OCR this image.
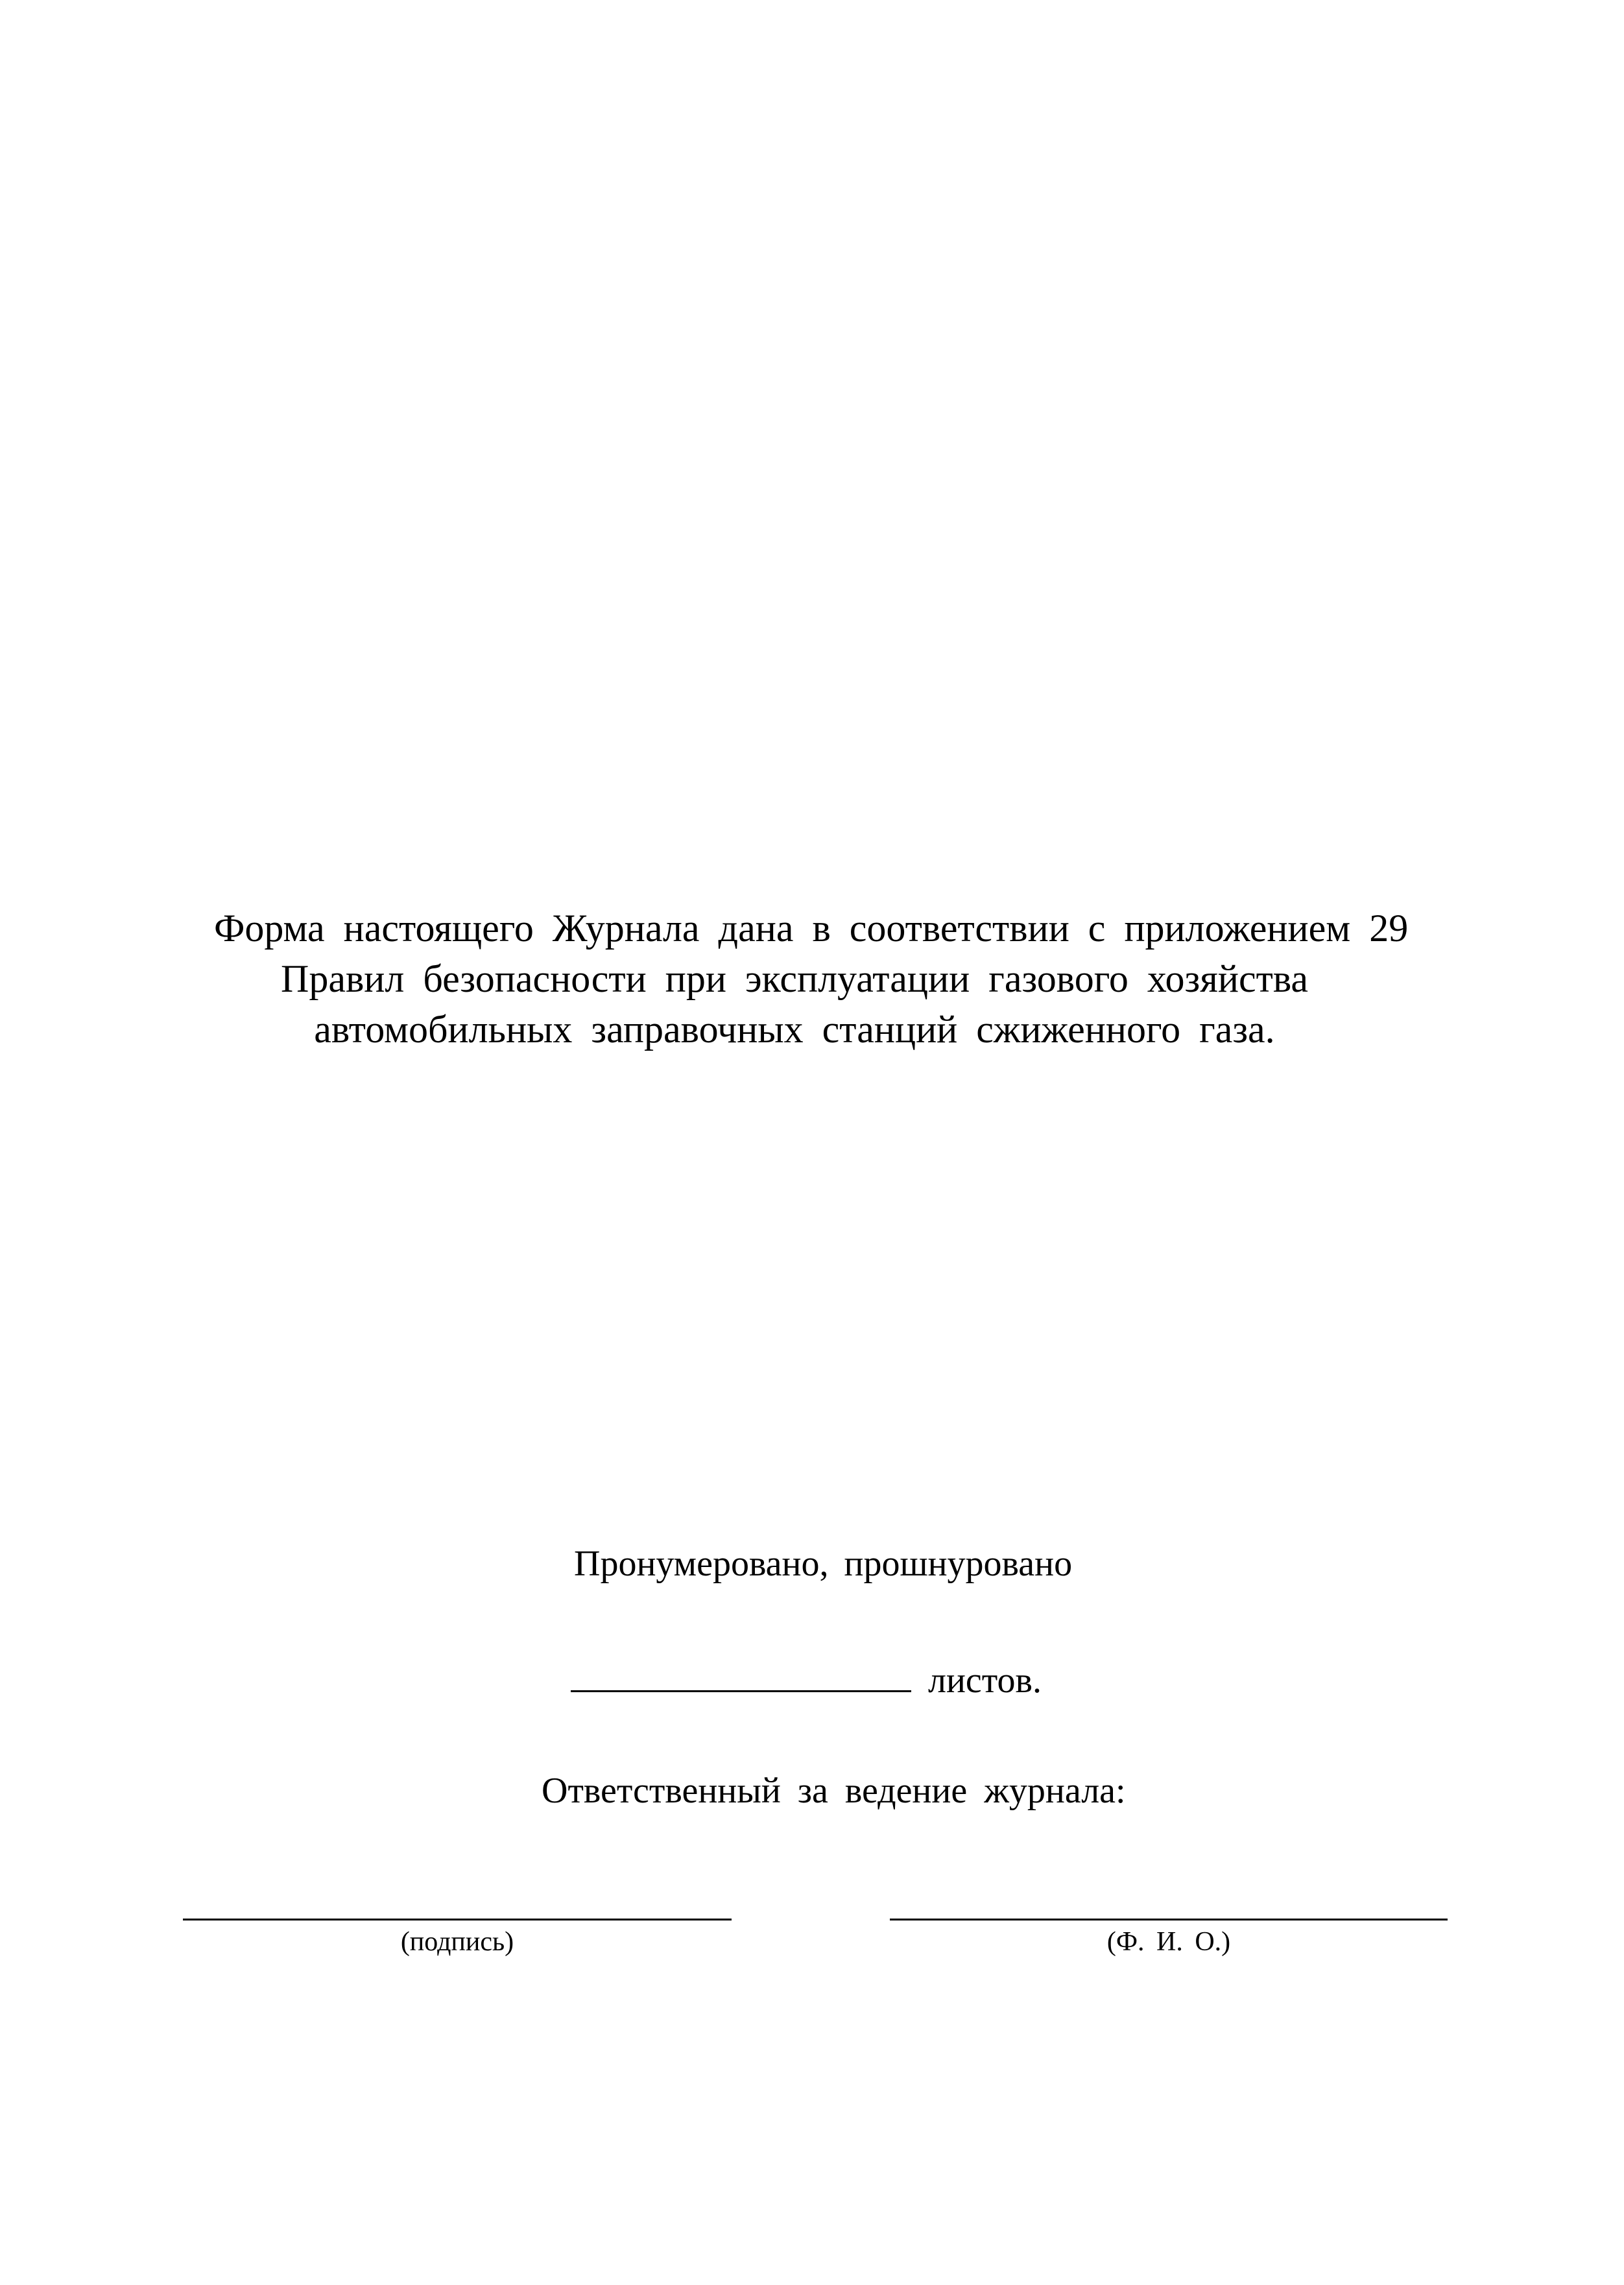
Форма настоящего Журнала дана в соответствии с приложением 29
Правил безопасности при эксплуатации газового хозяйства
автомобильных заправочных станций сжиженного газа.
Пронумеровано, прошнуровано
листов.
Ответственный за ведение журнала:
(подпись)	(Ф. И. О.)
